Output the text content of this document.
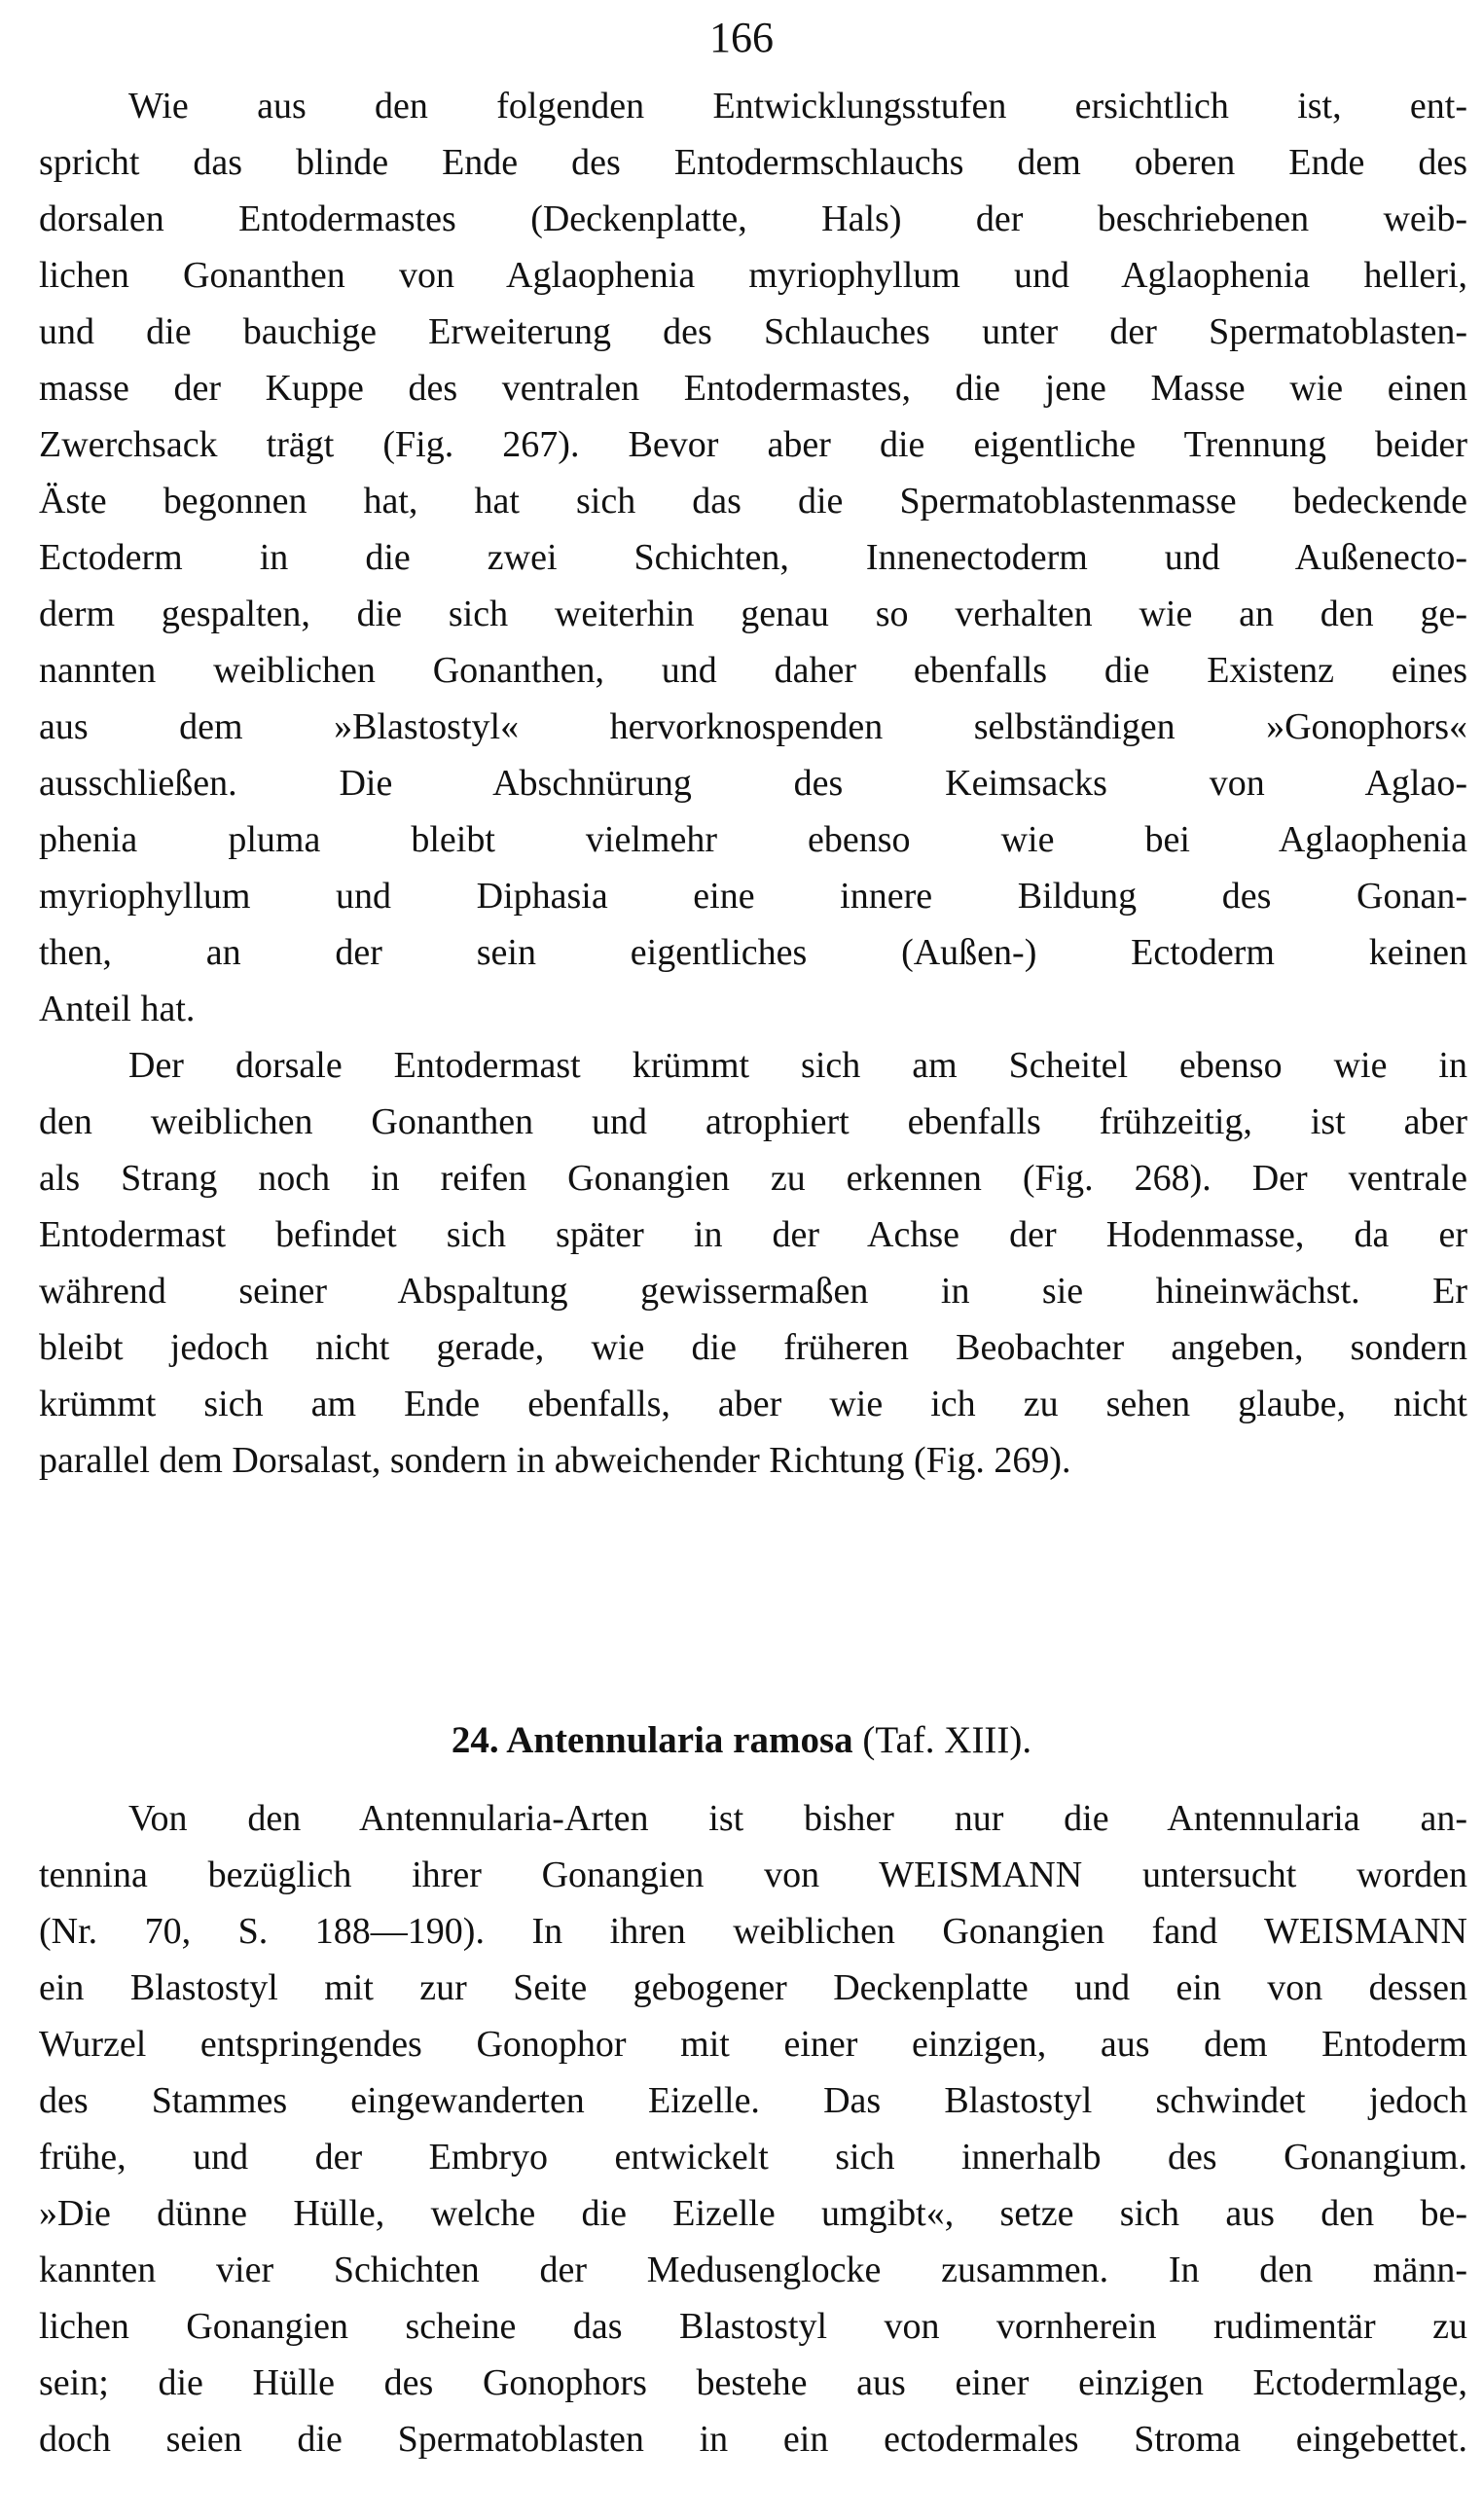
166
Wie aus den folgenden Entwicklungsstufen ersichtlich ist, ent-
spricht das blinde Ende des Entodermschlauchs dem oberen Ende des
dorsalen Entodermastes (Deckenplatte, Hals) der beschriebenen weib-
lichen Gonanthen von Aglaophenia myriophyllum und Aglaophenia helleri,
und die bauchige Erweiterung des Schlauches unter der Spermatoblasten-
masse der Kuppe des ventralen Entodermastes, die jene Masse wie einen
Zwerchsack trägt (Fig. 267). Bevor aber die eigentliche Trennung beider
Äste begonnen hat, hat sich das die Spermatoblastenmasse bedeckende
Ectoderm in die zwei Schichten, Innenectoderm und Außenecto-
derm gespalten, die sich weiterhin genau so verhalten wie an den ge-
nannten weiblichen Gonanthen, und daher ebenfalls die Existenz eines
aus dem »Blastostyl« hervorknospenden selbständigen »Gonophors«
ausschließen. Die Abschnürung des Keimsacks von Aglao-
phenia pluma bleibt vielmehr ebenso wie bei Aglaophenia
myriophyllum und Diphasia eine innere Bildung des Gonan-
then, an der sein eigentliches (Außen-) Ectoderm keinen
Anteil hat.
Der dorsale Entodermast krümmt sich am Scheitel ebenso wie in
den weiblichen Gonanthen und atrophiert ebenfalls frühzeitig, ist aber
als Strang noch in reifen Gonangien zu erkennen (Fig. 268). Der ventrale
Entodermast befindet sich später in der Achse der Hodenmasse, da er
während seiner Abspaltung gewissermaßen in sie hineinwächst. Er
bleibt jedoch nicht gerade, wie die früheren Beobachter angeben, sondern
krümmt sich am Ende ebenfalls, aber wie ich zu sehen glaube, nicht
parallel dem Dorsalast, sondern in abweichender Richtung (Fig. 269).
24. Antennularia ramosa (Taf. XIII).
Von den Antennularia-Arten ist bisher nur die Antennularia an-
tennina bezüglich ihrer Gonangien von WEISMANN untersucht worden
(Nr. 70, S. 188—190). In ihren weiblichen Gonangien fand WEISMANN
ein Blastostyl mit zur Seite gebogener Deckenplatte und ein von dessen
Wurzel entspringendes Gonophor mit einer einzigen, aus dem Entoderm
des Stammes eingewanderten Eizelle. Das Blastostyl schwindet jedoch
frühe, und der Embryo entwickelt sich innerhalb des Gonangium.
»Die dünne Hülle, welche die Eizelle umgibt«, setze sich aus den be-
kannten vier Schichten der Medusenglocke zusammen. In den männ-
lichen Gonangien scheine das Blastostyl von vornherein rudimentär zu
sein; die Hülle des Gonophors bestehe aus einer einzigen Ectodermlage,
doch seien die Spermatoblasten in ein ectodermales Stroma eingebettet.
